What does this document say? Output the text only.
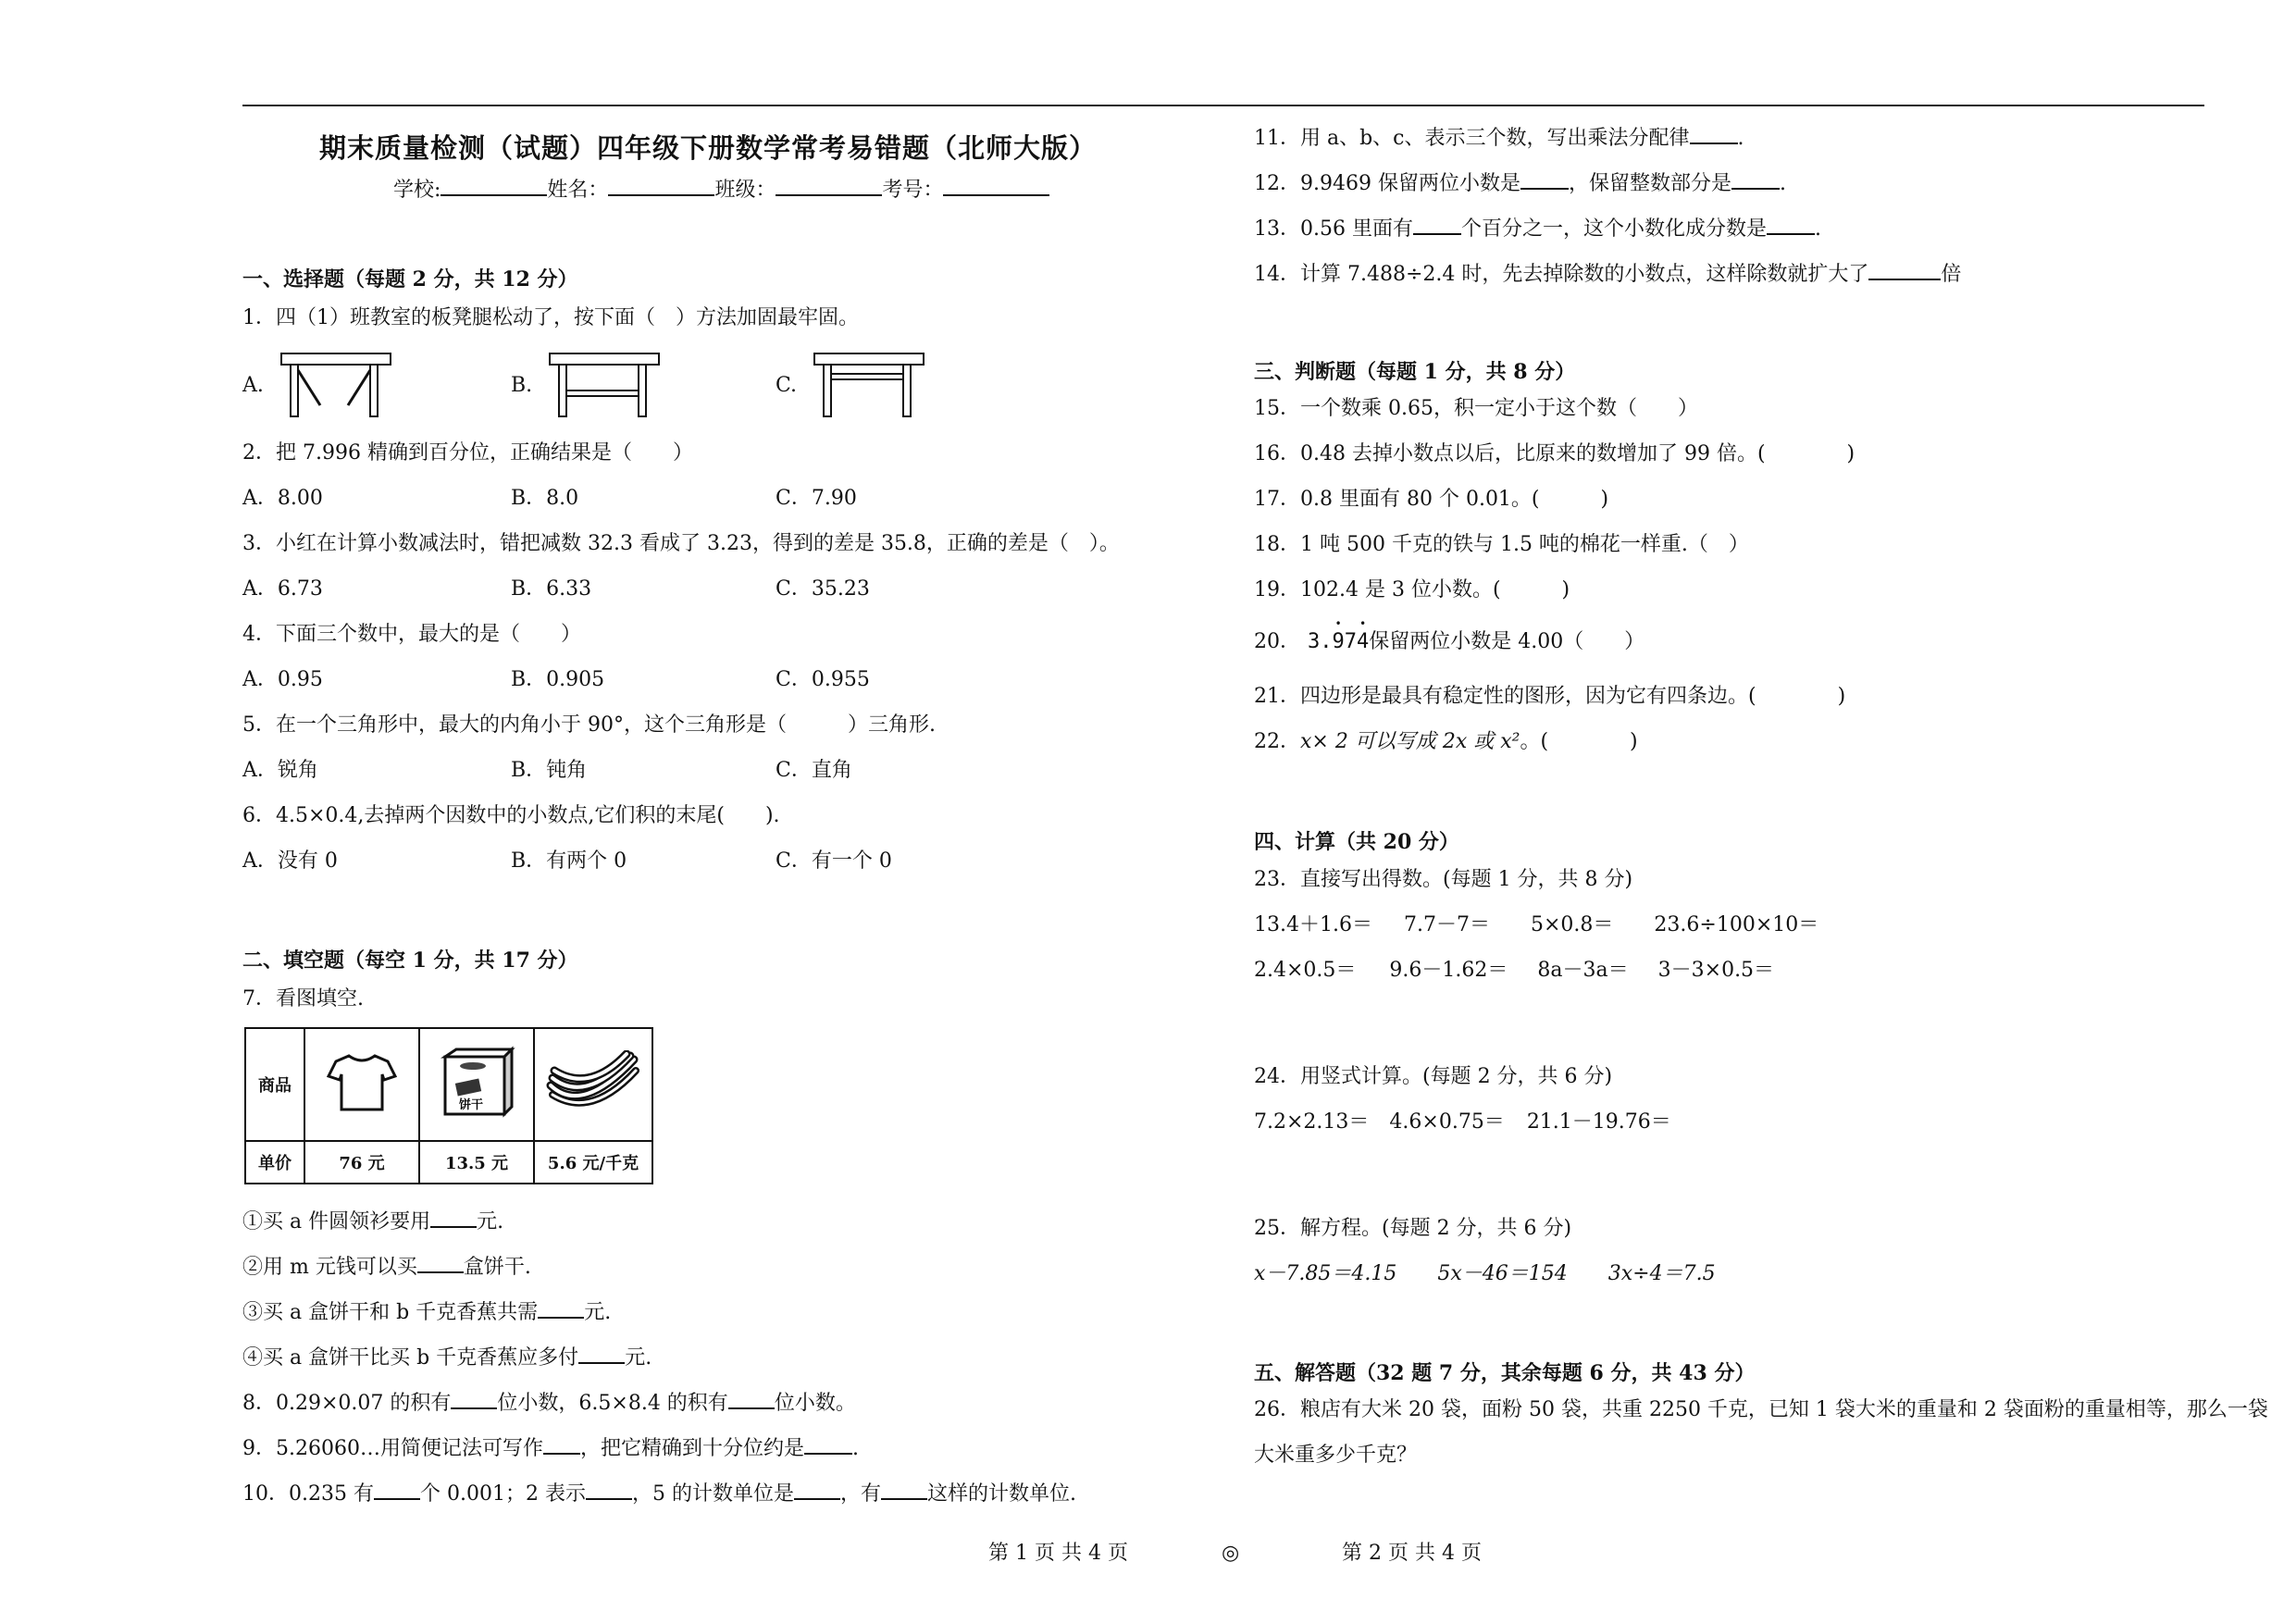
期末质量检测（试题）四年级下册数学常考易错题（北师大版）
学校:	姓名：	班级：	考号：
一、选择题（每题 2 分，共 12 分）
1．四（1）班教室的板凳腿松动了，按下面（　）方法加固最牢固。
A.	B.	C.
2．把 7.996 精确到百分位，正确结果是（　　）
A．8.00	B．8.0	C．7.90
3．小红在计算小数减法时，错把减数 32.3 看成了 3.23，得到的差是 35.8，正确的差是（　）。
A．6.73	B．6.33	C．35.23
4．下面三个数中，最大的是（　　）
A．0.95	B．0.905	C．0.955
5．在一个三角形中，最大的内角小于 90°，这个三角形是（　　　）三角形.
A．锐角	B．钝角	C．直角
6．4.5×0.4,去掉两个因数中的小数点,它们积的末尾(　　).
A．没有 0	B．有两个 0	C．有一个 0
二、填空题（每空 1 分，共 17 分）
7．看图填空.
商品		饼干

单价	76 元	13.5 元	5.6 元/千克
①买 a 件圆领衫要用 元.
②用 m 元钱可以买 盒饼干.
③买 a 盒饼干和 b 千克香蕉共需 元.
④买 a 盒饼干比买 b 千克香蕉应多付 元.
8．0.29×0.07 的积有 位小数，6.5×8.4 的积有 位小数。
9．5.26060…用简便记法可写作 ，把它精确到十分位约是 .
10．0.235 有 个 0.001；2 表示 ，5 的计数单位是 ，有 这样的计数单位.
11．用 a、b、c、表示三个数，写出乘法分配律 .
12．9.9469 保留两位小数是 ，保留整数部分是 .
13．0.56 里面有 个百分之一，这个小数化成分数是 .
14．计算 7.488÷2.4 时，先去掉除数的小数点，这样除数就扩大了	倍
三、判断题（每题 1 分，共 8 分）
15．一个数乘 0.65，积一定小于这个数（　　）
16．0.48 去掉小数点以后，比原来的数增加了 99 倍。(　　　　)
17．0.8 里面有 80 个 0.01。(　　　)
18．1 吨 500 千克的铁与 1.5 吨的棉花一样重.（　）
19．102.4 是 3 位小数。(　　　)
20． 3.• 97• 4保留两位小数是 4.00（　　）
21．四边形是最具有稳定性的图形，因为它有四条边。(　　　　)
22．x× 2 可以写成 2x 或 x²。(　　　　)
四、计算（共 20 分）
23．直接写出得数。(每题 1 分，共 8 分)
13.4＋1.6＝ 7.7－7＝ 5×0.8＝ 23.6÷100×10＝
2.4×0.5＝ 9.6－1.62＝ 8a－3a＝ 3－3×0.5＝
24．用竖式计算。(每题 2 分，共 6 分)
7.2×2.13＝ 4.6×0.75＝ 21.1－19.76＝
25．解方程。(每题 2 分，共 6 分)
x－7.85＝4.15 5x－46＝154 3x÷4＝7.5
五、解答题（32 题 7 分，其余每题 6 分，共 43 分）
26．粮店有大米 20 袋，面粉 50 袋，共重 2250 千克，已知 1 袋大米的重量和 2 袋面粉的重量相等，那么一袋
大米重多少千克？
第 1 页 共 4 页	◎	第 2 页 共 4 页
